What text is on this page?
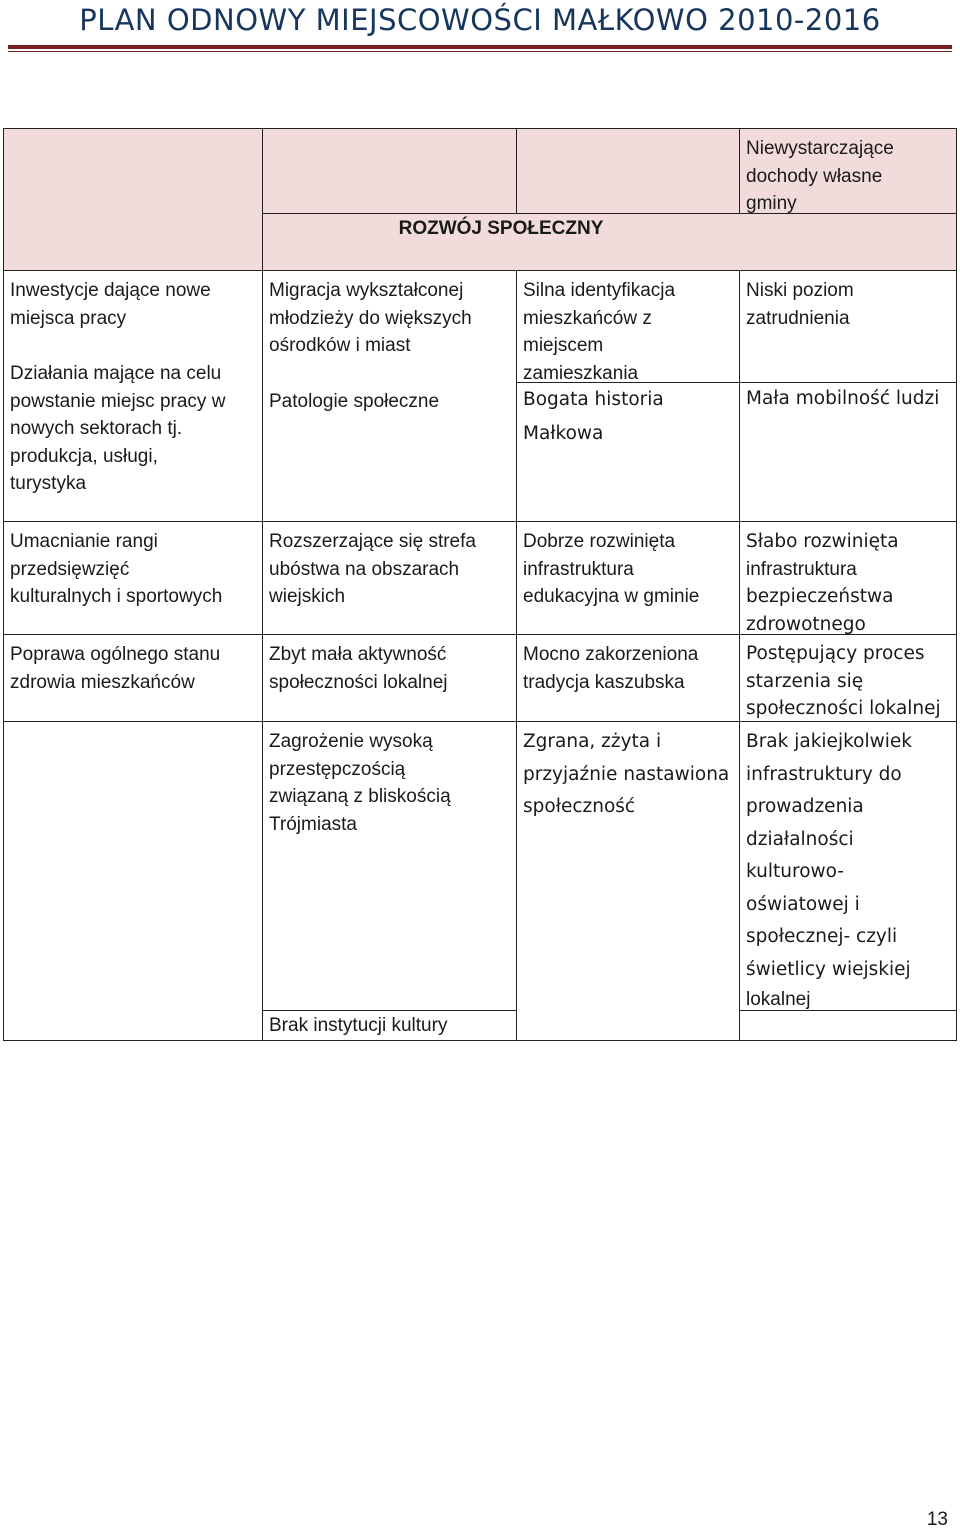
PLAN ODNOWY MIEJSCOWOŚCI MAŁKOWO 2010-2016
Niewystarczające
dochody własne
gminy
ROZWÓJ SPOŁECZNY
Inwestycje dające nowe
miejsca pracy
Działania mające na celu
powstanie miejsc pracy w
nowych sektorach tj.
produkcja, usługi,
turystyka
Umacnianie rangi
przedsięwzięć
kulturalnych i sportowych
Poprawa ogólnego stanu
zdrowia mieszkańców
Migracja wykształconej
młodzieży do większych
ośrodków i miast
Patologie społeczne
Rozszerzające się strefa
ubóstwa na obszarach
wiejskich
Zbyt mała aktywność
społeczności lokalnej
Zagrożenie wysoką
przestępczością
związaną z bliskością
Trójmiasta
Brak instytucji kultury
Silna identyfikacja
mieszkańców z
miejscem
zamieszkania
Bogata historia
Małkowa
Dobrze rozwinięta
infrastruktura
edukacyjna w gminie
Mocno zakorzeniona
tradycja kaszubska
Zgrana, zżyta i
przyjaźnie nastawiona
społeczność
Niski poziom
zatrudnienia
Mała mobilność ludzi
Słabo rozwinięta
infrastruktura
bezpieczeństwa
zdrowotnego
Postępujący proces
starzenia się
społeczności lokalnej
Brak jakiejkolwiek
infrastruktury do
prowadzenia
działalności
kulturowo-
oświatowej i
społecznej- czyli
świetlicy wiejskiej
lokalnej
13
